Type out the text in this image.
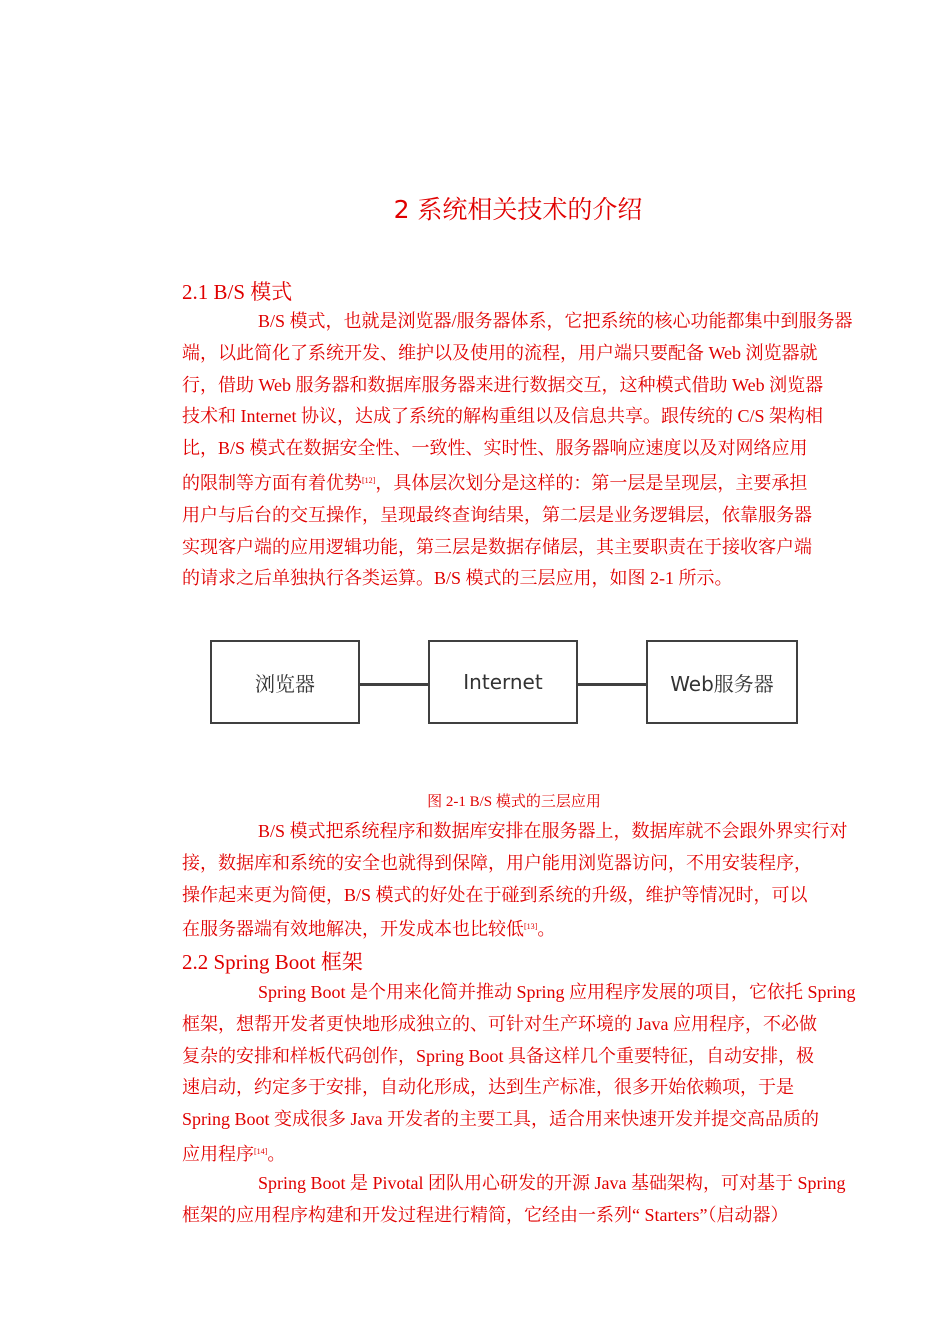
2 系统相关技术的介绍
2.1 B/S 模式
B/S 模式，也就是浏览器/服务器体系，它把系统的核心功能都集中到服务器
端，以此简化了系统开发、维护以及使用的流程，用户端只要配备 Web 浏览器就
行，借助 Web 服务器和数据库服务器来进行数据交互，这种模式借助 Web 浏览器
技术和 Internet 协议，达成了系统的解构重组以及信息共享。跟传统的 C/S 架构相
比，B/S 模式在数据安全性、一致性、实时性、服务器响应速度以及对网络应用
的限制等方面有着优势[12]，具体层次划分是这样的：第一层是呈现层，主要承担
用户与后台的交互操作，呈现最终查询结果，第二层是业务逻辑层，依靠服务器
实现客户端的应用逻辑功能，第三层是数据存储层，其主要职责在于接收客户端
的请求之后单独执行各类运算。B/S 模式的三层应用，如图 2-1 所示。
浏览器	Internet	Web服务器
图 2-1 B/S 模式的三层应用
B/S 模式把系统程序和数据库安排在服务器上，数据库就不会跟外界实行对
接，数据库和系统的安全也就得到保障，用户能用浏览器访问，不用安装程序，
操作起来更为简便，B/S 模式的好处在于碰到系统的升级，维护等情况时，可以
在服务器端有效地解决，开发成本也比较低[13]。
2.2 Spring Boot 框架
Spring Boot 是个用来化简并推动 Spring 应用程序发展的项目，它依托 Spring
框架，想帮开发者更快地形成独立的、可针对生产环境的 Java 应用程序，不必做
复杂的安排和样板代码创作，Spring Boot 具备这样几个重要特征，自动安排，极
速启动，约定多于安排，自动化形成，达到生产标准，很多开始依赖项，于是
Spring Boot 变成很多 Java 开发者的主要工具，适合用来快速开发并提交高品质的
应用程序[14]。
Spring Boot 是 Pivotal 团队用心研发的开源 Java 基础架构，可对基于 Spring
框架的应用程序构建和开发过程进行精简，它经由一系列“ Starters”（启动器）
